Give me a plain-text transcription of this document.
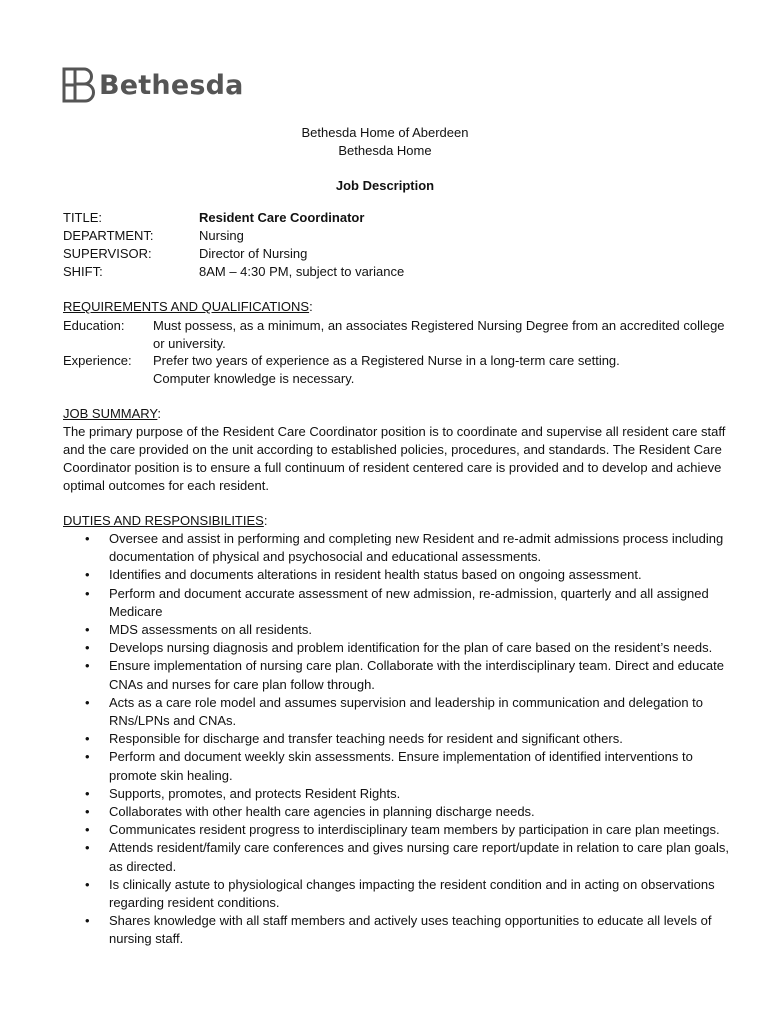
Bethesda
Bethesda Home of Aberdeen
Bethesda Home
Job Description
TITLE:	Resident Care Coordinator
DEPARTMENT:	Nursing
SUPERVISOR:	Director of Nursing
SHIFT:	8AM – 4:30 PM, subject to variance
REQUIREMENTS AND QUALIFICATIONS:
Education: Must possess, as a minimum, an associates Registered Nursing Degree from an accredited college
or university.
Experience: Prefer two years of experience as a Registered Nurse in a long-term care setting.
Computer knowledge is necessary.
JOB SUMMARY:
The primary purpose of the Resident Care Coordinator position is to coordinate and supervise all resident care staff
and the care provided on the unit according to established policies, procedures, and standards. The Resident Care
Coordinator position is to ensure a full continuum of resident centered care is provided and to develop and achieve
optimal outcomes for each resident.
DUTIES AND RESPONSIBILITIES:
• Oversee and assist in performing and completing new Resident and re-admit admissions process including
documentation of physical and psychosocial and educational assessments.
• Identifies and documents alterations in resident health status based on ongoing assessment.
• Perform and document accurate assessment of new admission, re-admission, quarterly and all assigned
Medicare
• MDS assessments on all residents.
• Develops nursing diagnosis and problem identification for the plan of care based on the resident’s needs.
• Ensure implementation of nursing care plan. Collaborate with the interdisciplinary team. Direct and educate
CNAs and nurses for care plan follow through.
• Acts as a care role model and assumes supervision and leadership in communication and delegation to
RNs/LPNs and CNAs.
• Responsible for discharge and transfer teaching needs for resident and significant others.
• Perform and document weekly skin assessments. Ensure implementation of identified interventions to
promote skin healing.
• Supports, promotes, and protects Resident Rights.
• Collaborates with other health care agencies in planning discharge needs.
• Communicates resident progress to interdisciplinary team members by participation in care plan meetings.
• Attends resident/family care conferences and gives nursing care report/update in relation to care plan goals,
as directed.
• Is clinically astute to physiological changes impacting the resident condition and in acting on observations
regarding resident conditions.
• Shares knowledge with all staff members and actively uses teaching opportunities to educate all levels of
nursing staff.
